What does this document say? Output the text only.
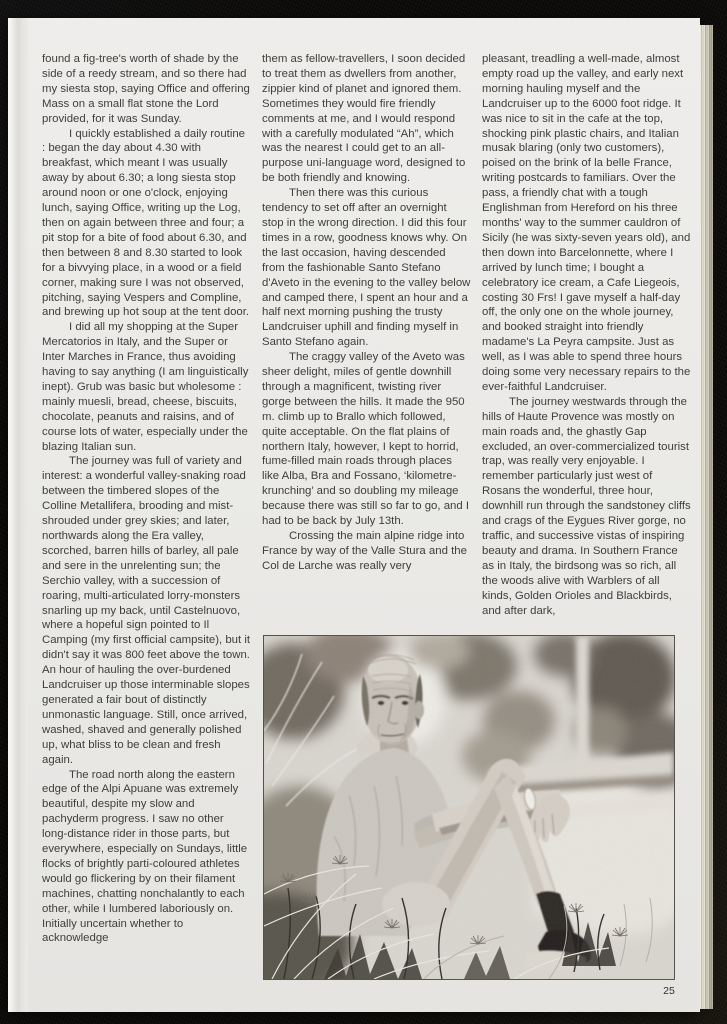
found a fig-tree's worth of shade by the side of a reedy stream, and so there had my siesta stop, saying Office and offering Mass on a small flat stone the Lord provided, for it was Sunday.

I quickly established a daily routine : began the day about 4.30 with breakfast, which meant I was usually away by about 6.30; a long siesta stop around noon or one o'clock, enjoying lunch, saying Office, writing up the Log, then on again between three and four; a pit stop for a bite of food about 6.30, and then between 8 and 8.30 started to look for a bivvying place, in a wood or a field corner, making sure I was not observed, pitching, saying Vespers and Compline, and brewing up hot soup at the tent door.

I did all my shopping at the Super Mercatorios in Italy, and the Super or Inter Marches in France, thus avoiding having to say anything (I am linguistically inept). Grub was basic but wholesome : mainly muesli, bread, cheese, biscuits, chocolate, peanuts and raisins, and of course lots of water, especially under the blazing Italian sun.

The journey was full of variety and interest: a wonderful valley-snaking road between the timbered slopes of the Colline Metallifera, brooding and mist-shrouded under grey skies; and later, northwards along the Era valley, scorched, barren hills of barley, all pale and sere in the unrelenting sun; the Serchio valley, with a succession of roaring, multi-articulated lorry-monsters snarling up my back, until Castelnuovo, where a hopeful sign pointed to Il Camping (my first official campsite), but it didn't say it was 800 feet above the town. An hour of hauling the over-burdened Landcruiser up those interminable slopes generated a fair bout of distinctly unmonastic language. Still, once arrived, washed, shaved and generally polished up, what bliss to be clean and fresh again.

The road north along the eastern edge of the Alpi Apuane was extremely beautiful, despite my slow and pachyderm progress. I saw no other long-distance rider in those parts, but everywhere, especially on Sundays, little flocks of brightly parti-coloured athletes would go flickering by on their filament machines, chatting nonchalantly to each other, while I lumbered laboriously on. Initially uncertain whether to acknowledge

them as fellow-travellers, I soon decided to treat them as dwellers from another, zippier kind of planet and ignored them. Sometimes they would fire friendly comments at me, and I would respond with a carefully modulated “Ah”, which was the nearest I could get to an all-purpose uni-language word, designed to be both friendly and knowing.

Then there was this curious tendency to set off after an overnight stop in the wrong direction. I did this four times in a row, goodness knows why. On the last occasion, having descended from the fashionable Santo Stefano d'Aveto in the evening to the valley below and camped there, I spent an hour and a half next morning pushing the trusty Landcruiser uphill and finding myself in Santo Stefano again.

The craggy valley of the Aveto was sheer delight, miles of gentle downhill through a magnificent, twisting river gorge between the hills. It made the 950 m. climb up to Brallo which followed, quite acceptable. On the flat plains of northern Italy, however, I kept to horrid, fume-filled main roads through places like Alba, Bra and Fossano, ‘kilometre-krunching’ and so doubling my mileage because there was still so far to go, and I had to be back by July 13th.

Crossing the main alpine ridge into France by way of the Valle Stura and the Col de Larche was really very

pleasant, treadling a well-made, almost empty road up the valley, and early next morning hauling myself and the Landcruiser up to the 6000 foot ridge. It was nice to sit in the cafe at the top, shocking pink plastic chairs, and Italian musak blaring (only two customers), poised on the brink of la belle France, writing postcards to familiars. Over the pass, a friendly chat with a tough Englishman from Hereford on his three months' way to the summer cauldron of Sicily (he was sixty-seven years old), and then down into Barcelonnette, where I arrived by lunch time; I bought a celebratory ice cream, a Cafe Liegeois, costing 30 Frs! I gave myself a half-day off, the only one on the whole journey, and booked straight into friendly madame's La Peyra campsite. Just as well, as I was able to spend three hours doing some very necessary repairs to the ever-faithful Landcruiser.

The journey westwards through the hills of Haute Provence was mostly on main roads and, the ghastly Gap excluded, an over-commercialized tourist trap, was really very enjoyable. I remember particularly just west of Rosans the wonderful, three hour, downhill run through the sandstoney cliffs and crags of the Eygues River gorge, no traffic, and successive vistas of inspiring beauty and drama. In Southern France as in Italy, the birdsong was so rich, all the woods alive with Warblers of all kinds, Golden Orioles and Blackbirds, and after dark,

25
